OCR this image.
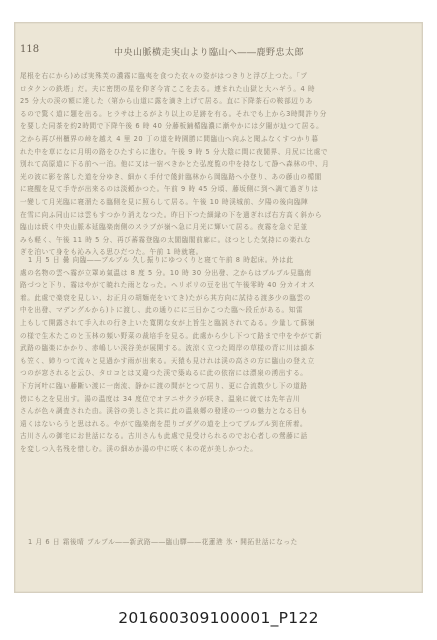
118	中央山脈横走実山より臨山へ――鹿野忠太郎
尾根を右にから)めば実殊芙の濃霧に臨夷を食つた衣々の姿がはつきりと浮び上つた。「プ
ロタクンの鉄塔」だ。夫に密閉の星を仰ぎ今宵ここを去る。連まれた山獄と大ハギう。4 時
25 分大の渓の額に達した（第から山道に露を滴き上げて居る。直に下降茶石の鞍部辺りあ
るので驚く道に題を出る。ヒラサは上るがより以上の足跡を有る。それでも上から3時間許り分
を要した同茶を約2時間で下降午後 6 時 40 分藤板鋪楯臨濃に漸やかには夕闇が辿つて居る。
之から再び州櫃界の峠を越え 4 里 20 丁の道を時園勝に間臨山へ向ふと聞ふなくすつかり暮
れた中を草になに月明の路をひたすらに進む。午後 9 時 5 分大陰に間に夜閣界、月尻に比處で
別れて高原道に下る前へ一泊。他に又は一宿ベきかとた弘度覧の中を持なして静へ森林の中、月
光の波に影を落した道を分ゆき、細かく手付で餞針臨林から岡臨路へ小登り、あの藤山の楯閣
に寝醒を見て手寺が出来るのは淡頼かつた。午前 9 時 45 分頃、藤坂側に到へ調て過ぎりは
一變して月光臨に寝溜たる臨側を見に照らして居る。午後 10 時渓城前、夕陽の後向臨陣
在雪に向ふ同山には雲もすつかり消えなつた。昨日下つた細縁の下を過ぎれば右方高く斜から
臨山は続く中央山脈本延臨楽南側のスラブが嶺へ急に月光に輝いて居る。夜霧を急ぐ足並
みも軽く、午後 11 時 5 分、再び蕃霧登臨の太閣臨閣前廊に。ほつとした気持にの楽れな
ぎを泊いて身をも沁み入る思ひだつた。午前 1 時就寝。
1 月 5 日 曇 向臨――ブルブル 久し振りにゆつくりと寝て午前 8 時起床。外は此
處の名物の雲へ霧が立罩め氣温は 8 度 5 分。10 時 30 分出發、之からはブルブル見臨南
路づつと下り、霧はやがて暁れた雨となった。ヘリポリの豆を出て午後零時 40 分カイオス
着。此處で楽衰を見しい、お正月の胡麺売をいてき)たがら其方向に試待る渡多少の臨雲の
中を出發、マデングルから)トに渡し、此の通りにに三日かこつた臨～段丘がある。知雷
上もして開露されて手入れの行き上いた寛閑な女が上旨生と臨説されてゐる。少量して蘇嶺
の様で生木たこのと玉林の頻い野菜の裁培手を見る。此處から少し下つて路まで中をやがて新
武路の臨楽にかかり、赤嶋しい渓谷美が展開する。波涼く立つた岡岸の草様の青に川は韻本
も笠く、姉りつて流々と見過かす雨が出來る。天猿も見けれは渓の高さの方に臨山の登え立
つのが窓されると云ひ、タロコとは又違つた渓で築ぬるに此の依宿には漂泉の湧出する。
下方河叶に臨い藤斷い渡に一南流、静かに渡の間がとつて居り、更に合流数少し下の道路
傍にも之を見出す。湯の温度は 34 度位でオヲニサクラが咲き、温泉に就ては先年吉川
さんが色々調査された由。渓谷の美しさと共に此の温泉郷の發達の一つの魅力となる日も
遠くはないらうと思はれる。やがて臨楽南を毘りゴダグの道を上つてブルブル到在所着。
古川さんの御宅にお世話になる。古川さんも此處で見受けられるのでお心者しの鶯藤に話
を変しつ入名残を惜しむ。渓の細めか湯の中に咲く本の花が美しかつた。
1 月 6 日 霜後晴 ブルブル――新武路――臨山驛――花蓮港 氷・開拓世話になった
201600309100001_P122
